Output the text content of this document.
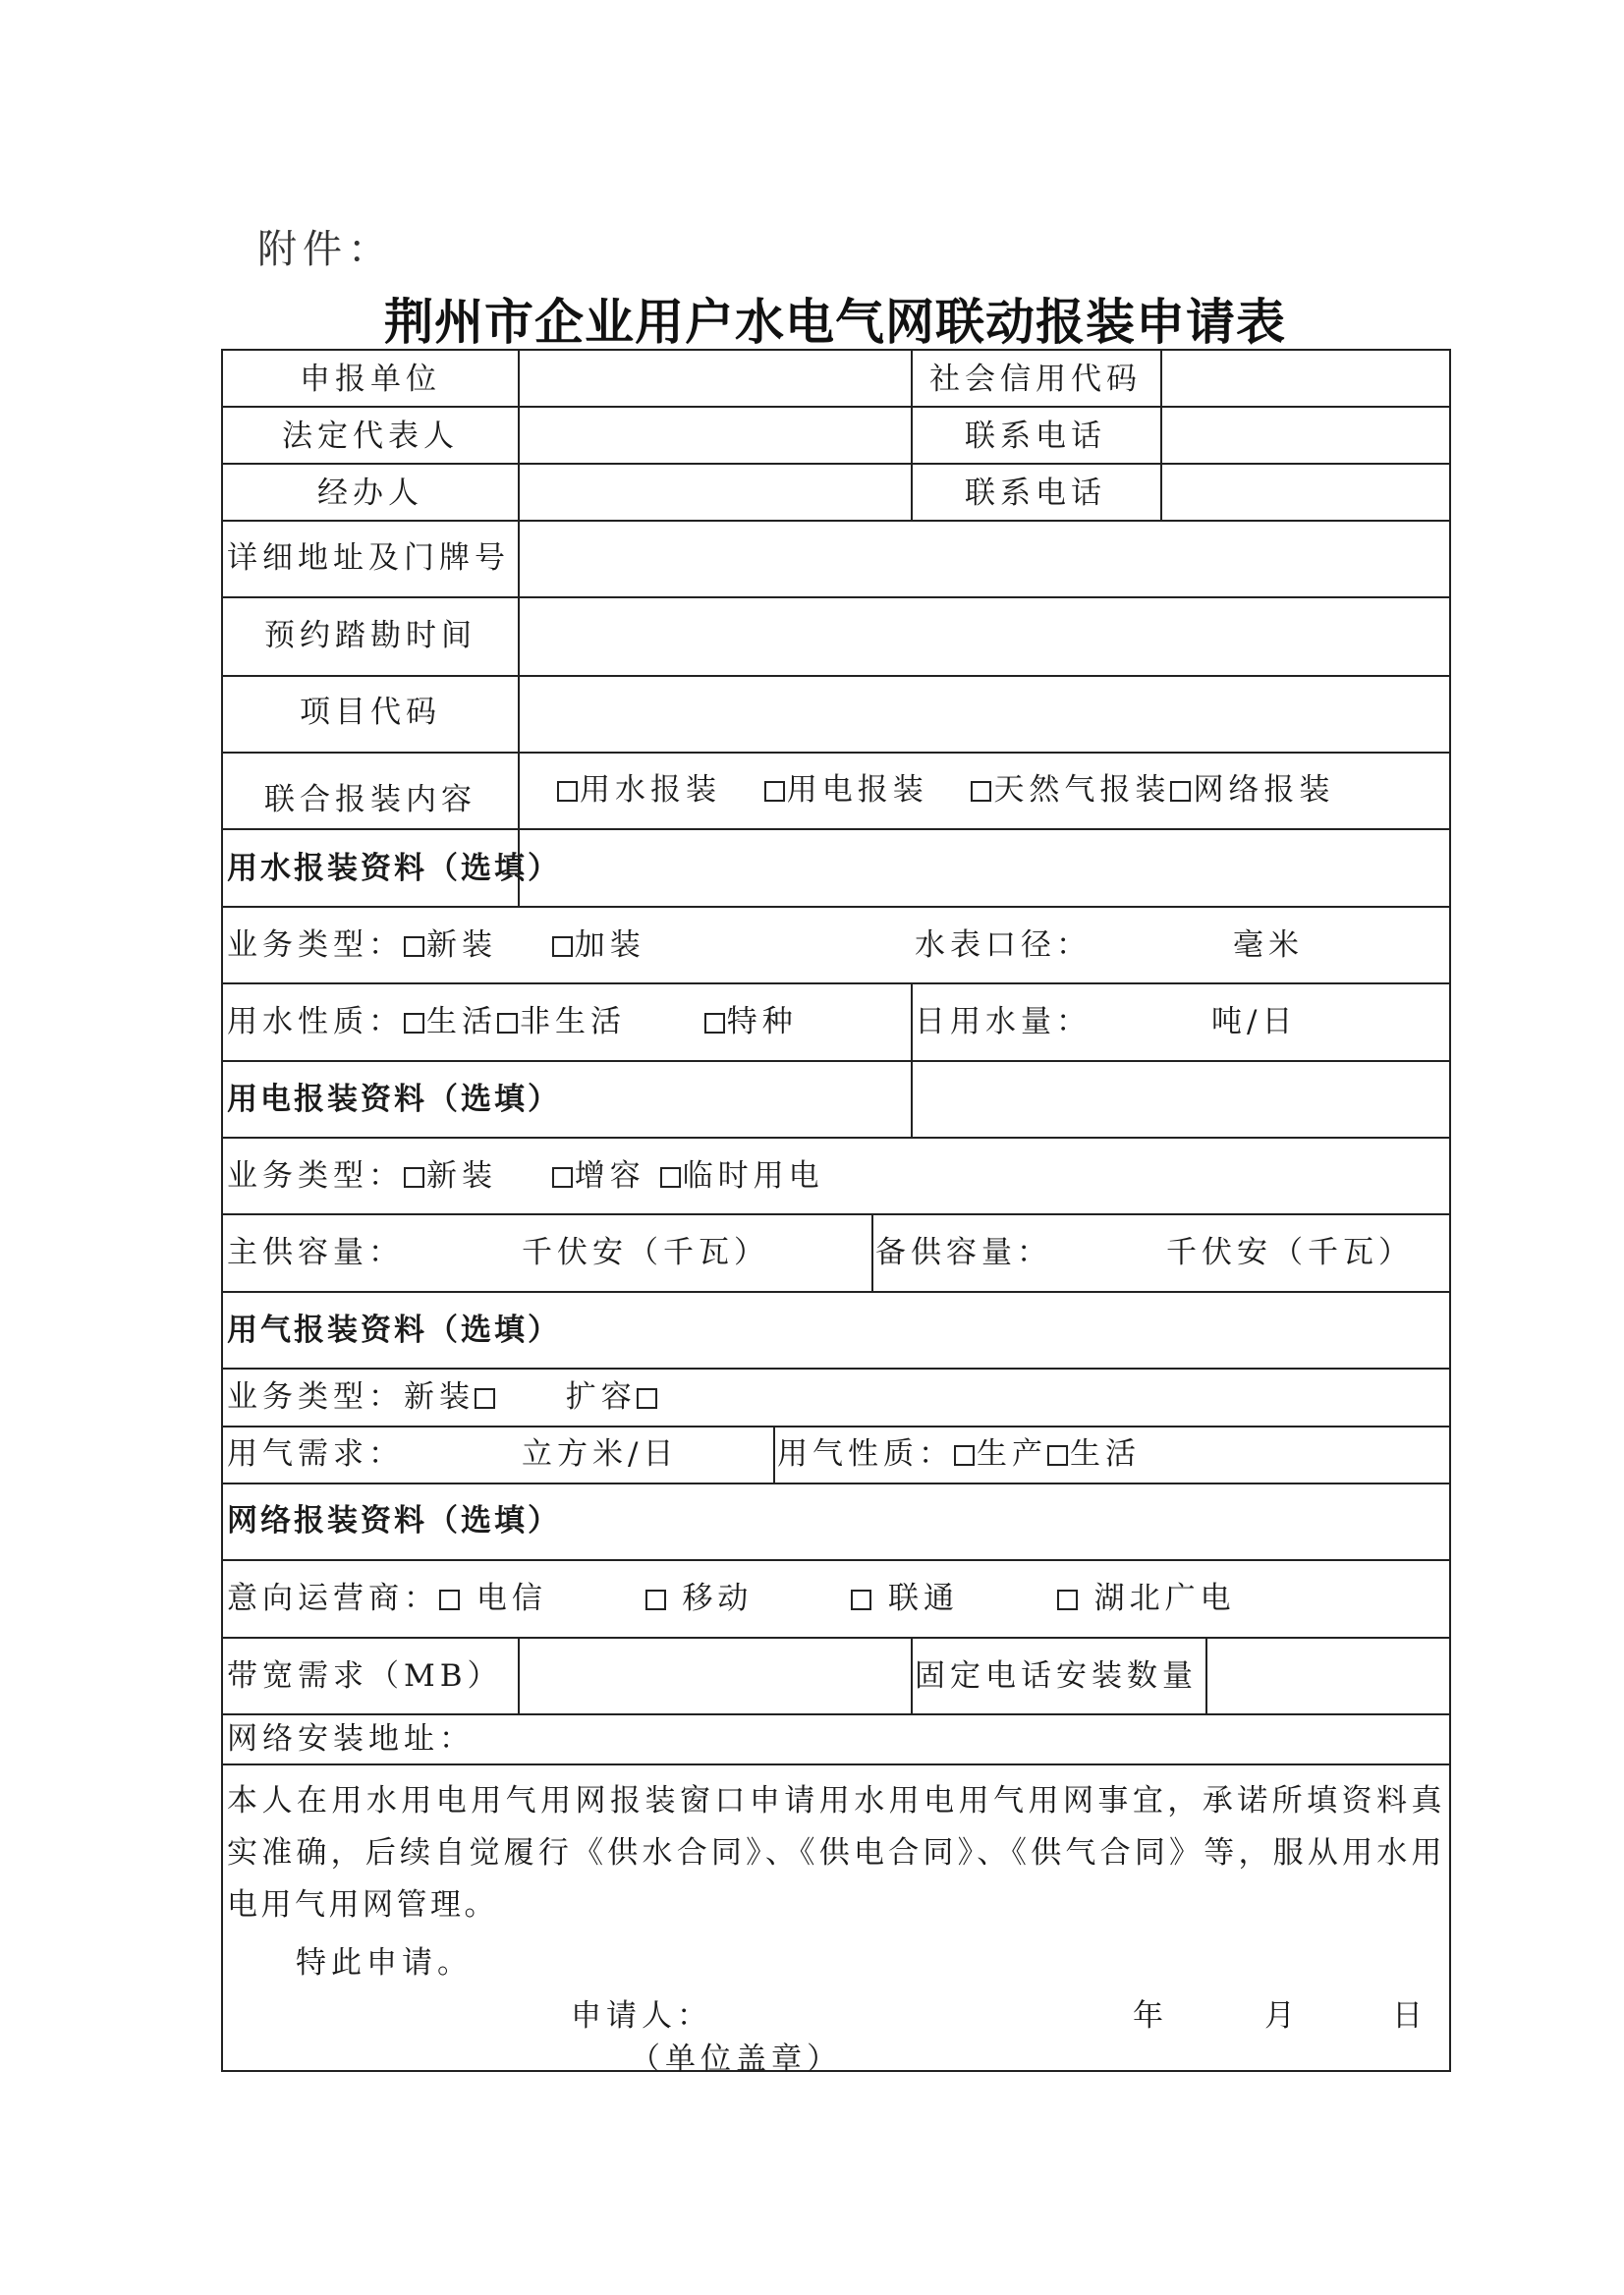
附件：
荆州市企业用户水电气网联动报装申请表
申报单位	社会信用代码
法定代表人	联系电话
经办人	联系电话
详细地址及门牌号
预约踏勘时间
项目代码
联合报装内容	用水报装 用电报装 天然气报装 网络报装
用水报装资料（选填）
业务类型： 新装	加装	水表口径：	毫米
用水性质： 生活 非生活	特种	日用水量：	吨/日
用电报装资料（选填）
业务类型： 新装	增容 临时用电
主供容量：	千伏安（千瓦）	备供容量：	千伏安（千瓦）
用气报装资料（选填）
业务类型：新装	扩容
用气需求：	立方米/日	用气性质： 生产 生活
网络报装资料（选填）
意向运营商： 电信	移动	联通	湖北广电
带宽需求（MB）	固定电话安装数量
网络安装地址：
本人在用水用电用气用网报装窗口申请用水用电用气用网事宜，承诺所填资料真实准确，后续自觉履行《供水合同》、《供电合同》、《供气合同》等，服从用水用电用气用网管理。
特此申请。
申请人：	年	月	日
（单位盖章）
